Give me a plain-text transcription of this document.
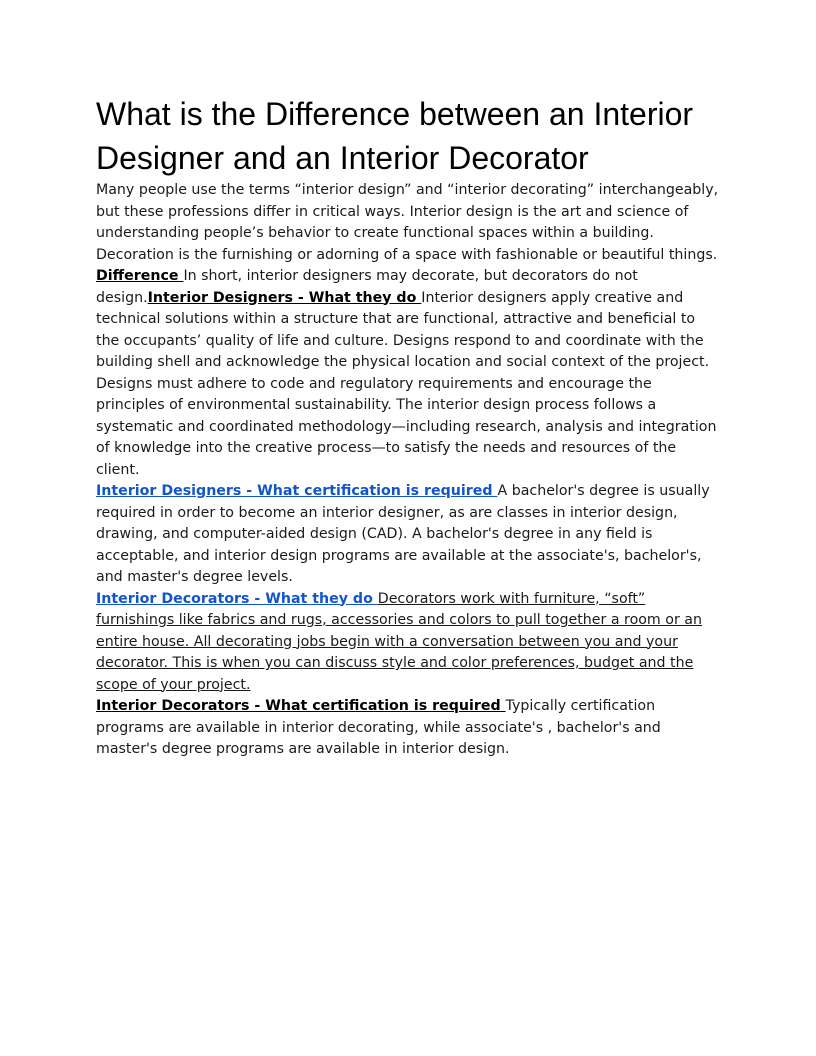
What is the Difference between an Interior Designer and an Interior Decorator

Many people use the terms “interior design” and “interior decorating” interchangeably, but these professions differ in critical ways. Interior design is the art and science of understanding people’s behavior to create functional spaces within a building. Decoration is the furnishing or adorning of a space with fashionable or beautiful things.

Difference In short, interior designers may decorate, but decorators do not design.Interior Designers - What they do Interior designers apply creative and technical solutions within a structure that are functional, attractive and beneficial to the occupants’ quality of life and culture. Designs respond to and coordinate with the building shell and acknowledge the physical location and social context of the project. Designs must adhere to code and regulatory requirements and encourage the principles of environmental sustainability. The interior design process follows a systematic and coordinated methodology—including research, analysis and integration of knowledge into the creative process—to satisfy the needs and resources of the client.

Interior Designers - What certification is required A bachelor's degree is usually required in order to become an interior designer, as are classes in interior design, drawing, and computer-aided design (CAD). A bachelor's degree in any field is acceptable, and interior design programs are available at the associate's, bachelor's, and master's degree levels.

Interior Decorators - What they do Decorators work with furniture, “soft” furnishings like fabrics and rugs, accessories and colors to pull together a room or an entire house. All decorating jobs begin with a conversation between you and your decorator. This is when you can discuss style and color preferences, budget and the scope of your project.

Interior Decorators - What certification is required Typically certification programs are available in interior decorating, while associate's , bachelor's and master's degree programs are available in interior design.
